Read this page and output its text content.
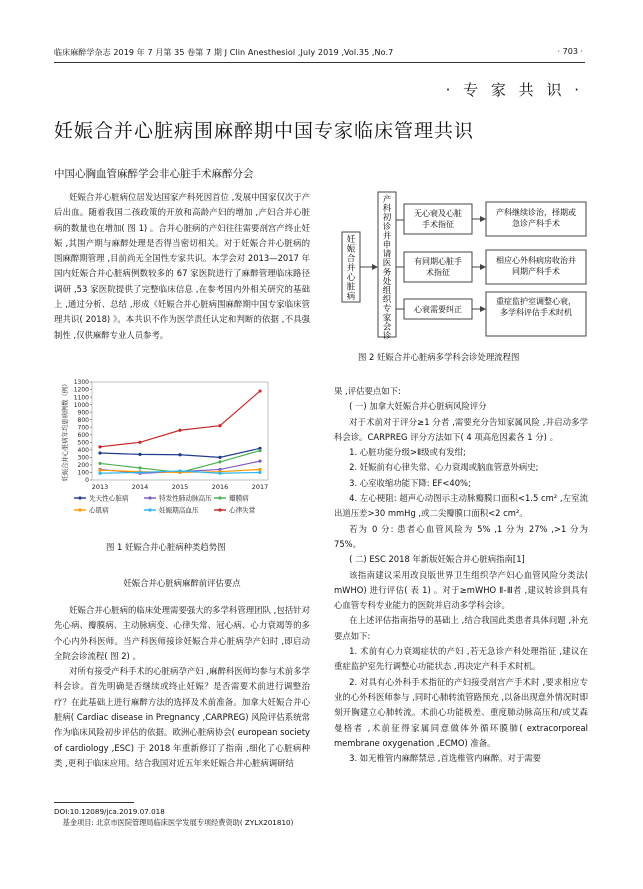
临床麻醉学杂志 2019 年 7 月第 35 卷第 7 期 J Clin Anesthesiol ,July 2019 ,Vol.35 ,No.7	· 703 ·
· 专 家 共 识 ·
妊娠合并心脏病围麻醉期中国专家临床管理共识
中国心胸血管麻醉学会非心脏手术麻醉分会

妊娠合并心脏病位居发达国家产科死因首位 ,发展中国家仅次于产后出血。随着我国二孩政策的开放和高龄产妇的增加 ,产妇合并心脏病的数量也在增加( 图 1) 。合并心脏病的产妇往往需要剖宫产终止妊娠 ,其围产期与麻醉处理是否得当密切相关。对于妊娠合并心脏病的围麻醉期管理 ,目前尚无全国性专家共识。本学会对 2013—2017 年国内妊娠合并心脏病例数较多的 67 家医院进行了麻醉管理临床路径调研 ,53 家医院提供了完整临床信息 ,在参考国内外相关研究的基础上 ,通过分析、总结 ,形成《妊娠合并心脏病围麻醉期中国专家临床管理共识( 2018) 》。本共识不作为医学责任认定和判断的依据 ,不具强制性 ,仅供麻醉专业人员参考。

0
100
200
300
400
500
600
700
800
900
1000
1100
1200
1300
2013	2014	2015	2016	2017
妊娠合并心脏病年均患病例数（例）
先天性心脏病	特发性肺动脉高压	瓣膜病
心肌病	妊娠期高血压	心律失常
图 1 妊娠合并心脏病种类趋势图
妊娠合并心脏病麻醉前评估要点

妊娠合并心脏病的临床处理需要强大的多学科管理团队 ,包括针对先心病、瓣膜病、主动脉病变、心律失常、冠心病、心力衰竭等的多个心内外科医师。当产科医师接诊妊娠合并心脏病孕产妇时 ,即启动全院会诊流程( 图 2) 。

对所有接受产科手术的心脏病孕产妇 ,麻醉科医师均参与术前多学科会诊。首先明确是否继续或终止妊娠？是否需要术前进行调整治疗？在此基础上进行麻醉方法的选择及术前准备。加拿大妊娠合并心脏病( Cardiac disease in Pregnancy ,CARPREG) 风险评估系统常作为临床风险初步评估的依据。欧洲心脏病协会( european society of cardiology ,ESC) 于 2018 年重新修订了指南 ,细化了心脏病种类 ,更利于临床应用。结合我国对近五年来妊娠合并心脏病调研结

DOI:10.12089/jca.2019.07.018
基金项目: 北京市医院管理局临床医学发展专项经费资助( ZYLX201810)
妊娠合并心脏病
产科初诊并申请医务处组织专家会诊
无心衰及心脏手术指征
有同期心脏手术指征
心衰需要纠正
产科继续诊治，择期或急诊产科手术
相应心外科病房收治并同期产科手术
重症监护室调整心衰，多学科评估手术时机
图 2 妊娠合并心脏病多学科会诊处理流程图

果 ,评估要点如下:

( 一) 加拿大妊娠合并心脏病风险评分

对于术前对于评分≥1 分者 ,需要充分告知家属风险 ,并启动多学科会诊。CARPREG 评分方法如下( 4 项高危因素各 1 分) 。

1. 心脏功能分级>Ⅱ级或有发绀;

2. 妊娠前有心律失常、心力衰竭或脑血管意外病史;

3. 心室收缩功能下降: EF<40%;

4. 左心梗阻: 超声心动图示主动脉瓣膜口面积<1.5 cm² ,左室流出道压差>30 mmHg ,或二尖瓣膜口面积<2 cm²。

若为 0 分: 患者心血管风险为 5% ,1 分为 27% ,>1 分为 75%。

( 二) ESC 2018 年新版妊娠合并心脏病指南[1]

该指南建议采用改良版世界卫生组织孕产妇心血管风险分类法( mWHO) 进行评估( 表 1) 。对于≥mWHO Ⅱ-Ⅲ者 ,建议转诊到具有心血管专科专业能力的医院并启动多学科会诊。

在上述评估指南指导的基础上 ,结合我国此类患者具体问题 ,补充要点如下:

1. 术前有心力衰竭症状的产妇 ,若无急诊产科处理指征 ,建议在重症监护室先行调整心功能状态 ,再决定产科手术时机。

2. 对具有心外科手术指征的产妇接受剖宫产手术时 ,要求相应专业的心外科医师参与 ,同时心肺转流管路预充 ,以备出现意外情况时即刻开胸建立心肺转流。术前心功能极差、重度肺动脉高压和/或艾森曼格者 ,术前征得家属同意做体外循环膜肺( extracorporeal membrane oxygenation ,ECMO) 准备。

3. 如无椎管内麻醉禁忌 ,首选椎管内麻醉。对于需要
